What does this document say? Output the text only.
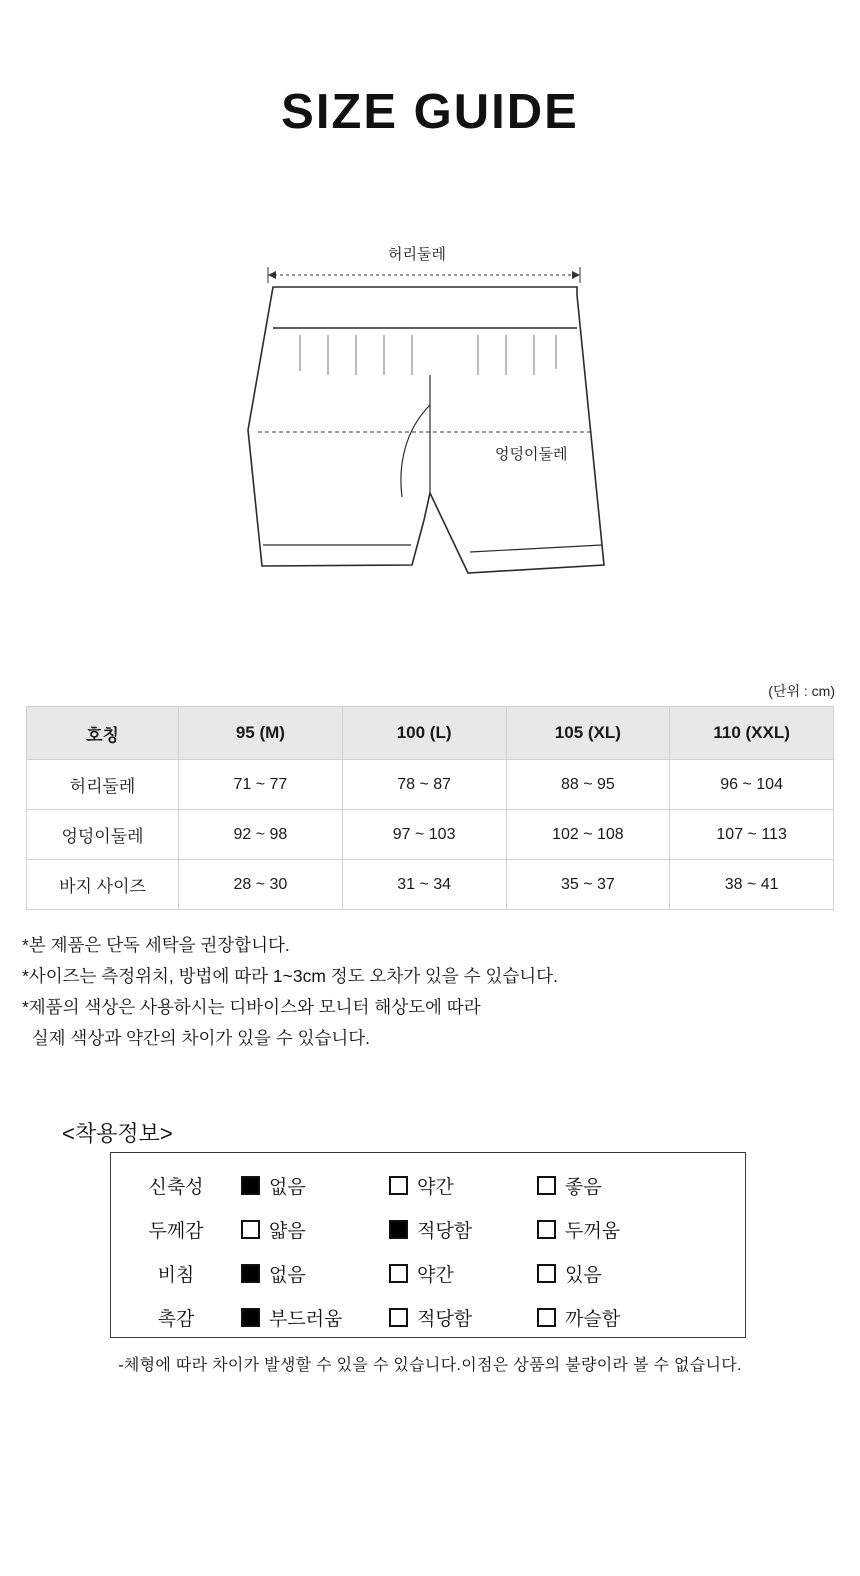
SIZE GUIDE
허리둘레
엉덩이둘레
(단위 : cm)
호칭	95 (M)	100 (L)	105 (XL)	110 (XXL)
허리둘레	71 ~ 77	78 ~ 87	88 ~ 95	96 ~ 104
엉덩이둘레	92 ~ 98	97 ~ 103	102 ~ 108	107 ~ 113
바지 사이즈	28 ~ 30	31 ~ 34	35 ~ 37	38 ~ 41
*본 제품은 단독 세탁을 권장합니다.
*사이즈는 측정위치, 방법에 따라 1~3cm 정도 오차가 있을 수 있습니다.
*제품의 색상은 사용하시는 디바이스와 모니터 해상도에 따라
실제 색상과 약간의 차이가 있을 수 있습니다.
<착용정보>
신축성	없음	약간	좋음
두께감	얇음	적당함	두꺼움
비침	없음	약간	있음
촉감	부드러움	적당함	까슬함
-체형에 따라 차이가 발생할 수 있을 수 있습니다.이점은 상품의 불량이라 볼 수 없습니다.
